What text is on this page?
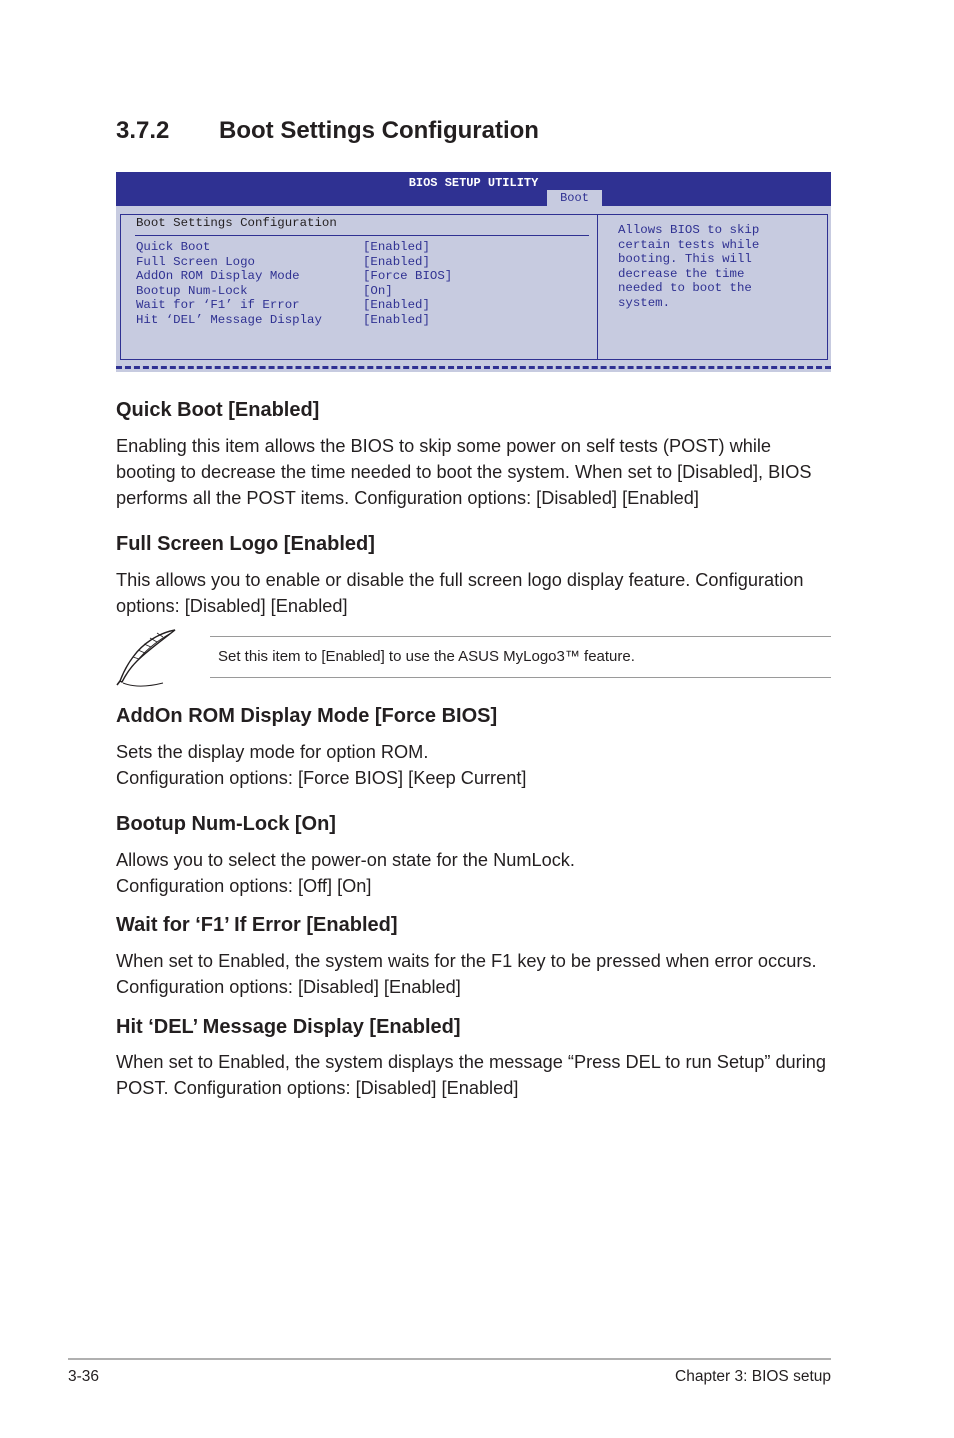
3.7.2 Boot Settings Configuration
BIOS SETUP UTILITY
Boot
Boot Settings Configuration
Quick Boot	[Enabled]
Full Screen Logo	[Enabled]
AddOn ROM Display Mode	[Force BIOS]
Bootup Num-Lock	[On]
Wait for ‘F1’ if Error	[Enabled]
Hit ‘DEL’ Message Display	[Enabled]
Allows BIOS to skip
certain tests while
booting. This will
decrease the time
needed to boot the
system.
Quick Boot [Enabled]

Enabling this item allows the BIOS to skip some power on self tests (POST) while booting to decrease the time needed to boot the system. When set to [Disabled], BIOS performs all the POST items. Configuration options: [Disabled] [Enabled]

Full Screen Logo [Enabled]

This allows you to enable or disable the full screen logo display feature. Configuration options: [Disabled] [Enabled]

Set this item to [Enabled] to use the ASUS MyLogo3™ feature.
AddOn ROM Display Mode [Force BIOS]

Sets the display mode for option ROM.
Configuration options: [Force BIOS] [Keep Current]

Bootup Num-Lock [On]

Allows you to select the power-on state for the NumLock.
Configuration options: [Off] [On]

Wait for ‘F1’ If Error [Enabled]

When set to Enabled, the system waits for the F1 key to be pressed when error occurs. Configuration options: [Disabled] [Enabled]

Hit ‘DEL’ Message Display [Enabled]

When set to Enabled, the system displays the message “Press DEL to run Setup” during POST. Configuration options: [Disabled] [Enabled]

3-36	Chapter 3: BIOS setup
